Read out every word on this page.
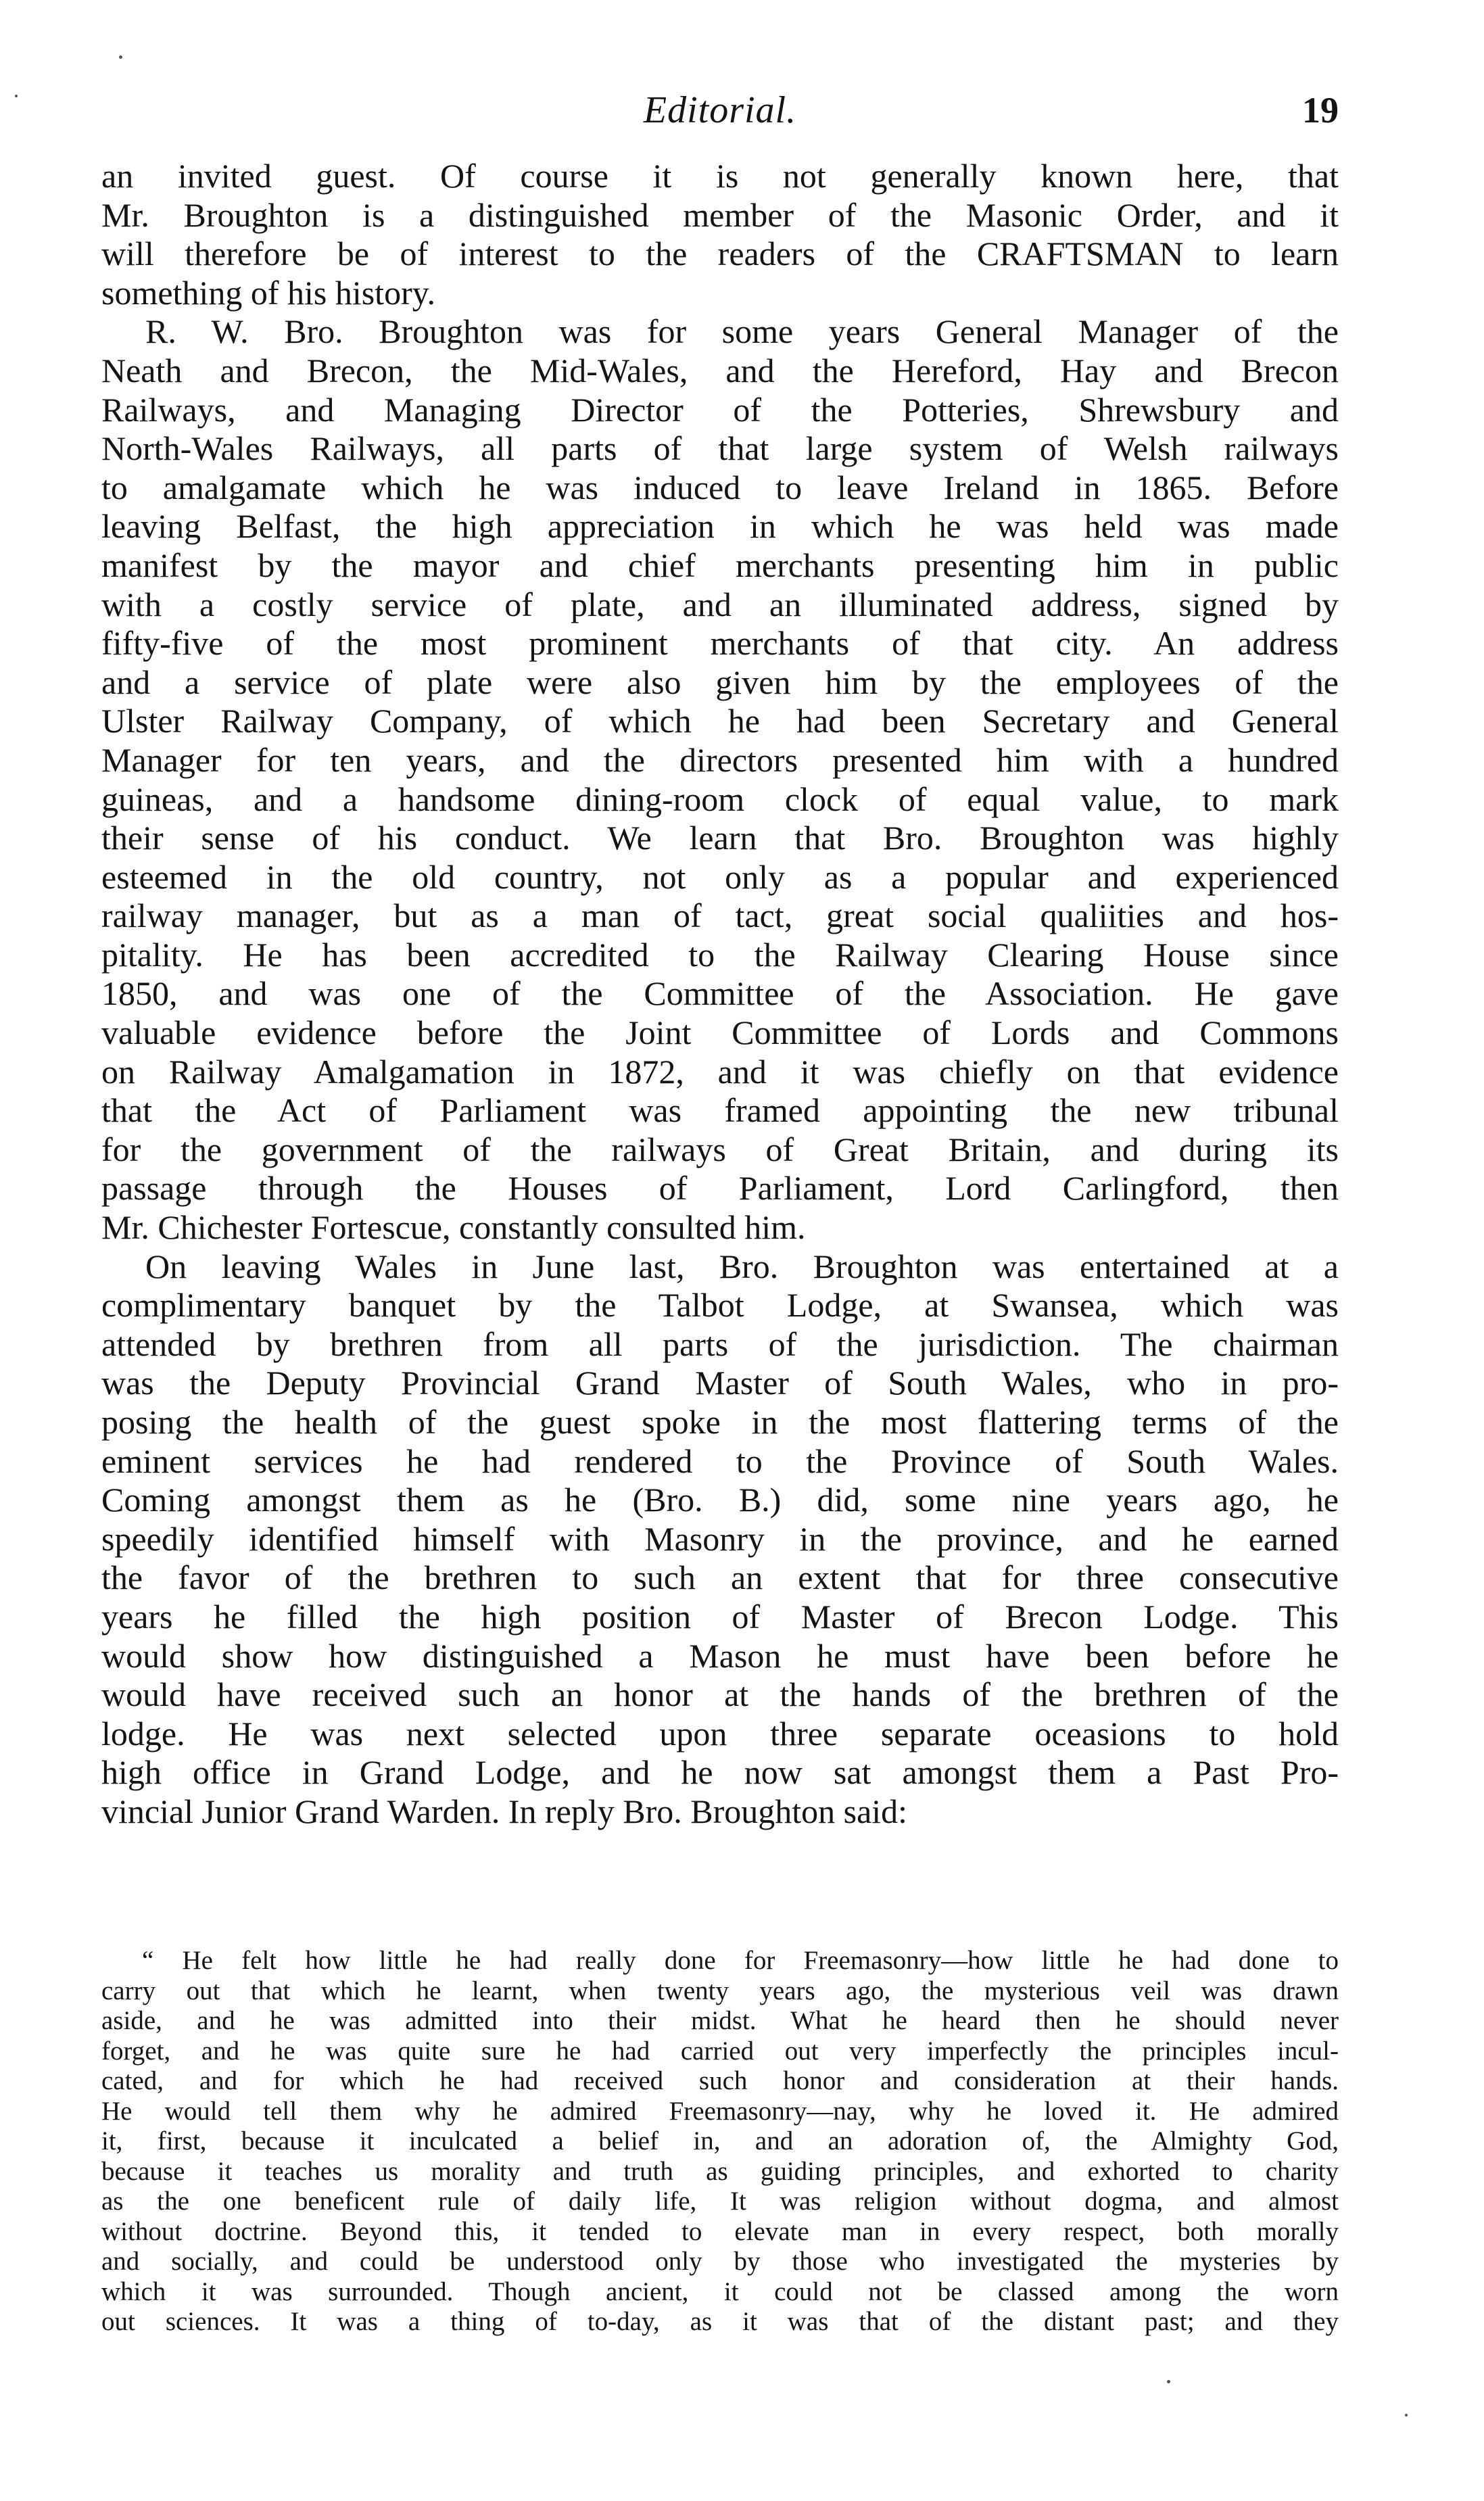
Editorial.	19
an invited guest. Of course it is not generally known here, that
Mr. Broughton is a distinguished member of the Masonic Order, and it
will therefore be of interest to the readers of the CRAFTSMAN to learn
something of his history.
R. W. Bro. Broughton was for some years General Manager of the
Neath and Brecon, the Mid-Wales, and the Hereford, Hay and Brecon
Railways, and Managing Director of the Potteries, Shrewsbury and
North-Wales Railways, all parts of that large system of Welsh railways
to amalgamate which he was induced to leave Ireland in 1865. Before
leaving Belfast, the high appreciation in which he was held was made
manifest by the mayor and chief merchants presenting him in public
with a costly service of plate, and an illuminated address, signed by
fifty-five of the most prominent merchants of that city. An address
and a service of plate were also given him by the employees of the
Ulster Railway Company, of which he had been Secretary and General
Manager for ten years, and the directors presented him with a hundred
guineas, and a handsome dining-room clock of equal value, to mark
their sense of his conduct. We learn that Bro. Broughton was highly
esteemed in the old country, not only as a popular and experienced
railway manager, but as a man of tact, great social qualiities and hos-
pitality. He has been accredited to the Railway Clearing House since
1850, and was one of the Committee of the Association. He gave
valuable evidence before the Joint Committee of Lords and Commons
on Railway Amalgamation in 1872, and it was chiefly on that evidence
that the Act of Parliament was framed appointing the new tribunal
for the government of the railways of Great Britain, and during its
passage through the Houses of Parliament, Lord Carlingford, then
Mr. Chichester Fortescue, constantly consulted him.
On leaving Wales in June last, Bro. Broughton was entertained at a
complimentary banquet by the Talbot Lodge, at Swansea, which was
attended by brethren from all parts of the jurisdiction. The chairman
was the Deputy Provincial Grand Master of South Wales, who in pro-
posing the health of the guest spoke in the most flattering terms of the
eminent services he had rendered to the Province of South Wales.
Coming amongst them as he (Bro. B.) did, some nine years ago, he
speedily identified himself with Masonry in the province, and he earned
the favor of the brethren to such an extent that for three consecutive
years he filled the high position of Master of Brecon Lodge. This
would show how distinguished a Mason he must have been before he
would have received such an honor at the hands of the brethren of the
lodge. He was next selected upon three separate oceasions to hold
high office in Grand Lodge, and he now sat amongst them a Past Pro-
vincial Junior Grand Warden. In reply Bro. Broughton said:
“ He felt how little he had really done for Freemasonry—how little he had done to
carry out that which he learnt, when twenty years ago, the mysterious veil was drawn
aside, and he was admitted into their midst. What he heard then he should never
forget, and he was quite sure he had carried out very imperfectly the principles incul-
cated, and for which he had received such honor and consideration at their hands.
He would tell them why he admired Freemasonry—nay, why he loved it. He admired
it, first, because it inculcated a belief in, and an adoration of, the Almighty God,
because it teaches us morality and truth as guiding principles, and exhorted to charity
as the one beneficent rule of daily life, It was religion without dogma, and almost
without doctrine. Beyond this, it tended to elevate man in every respect, both morally
and socially, and could be understood only by those who investigated the mysteries by
which it was surrounded. Though ancient, it could not be classed among the worn
out sciences. It was a thing of to-day, as it was that of the distant past; and they
